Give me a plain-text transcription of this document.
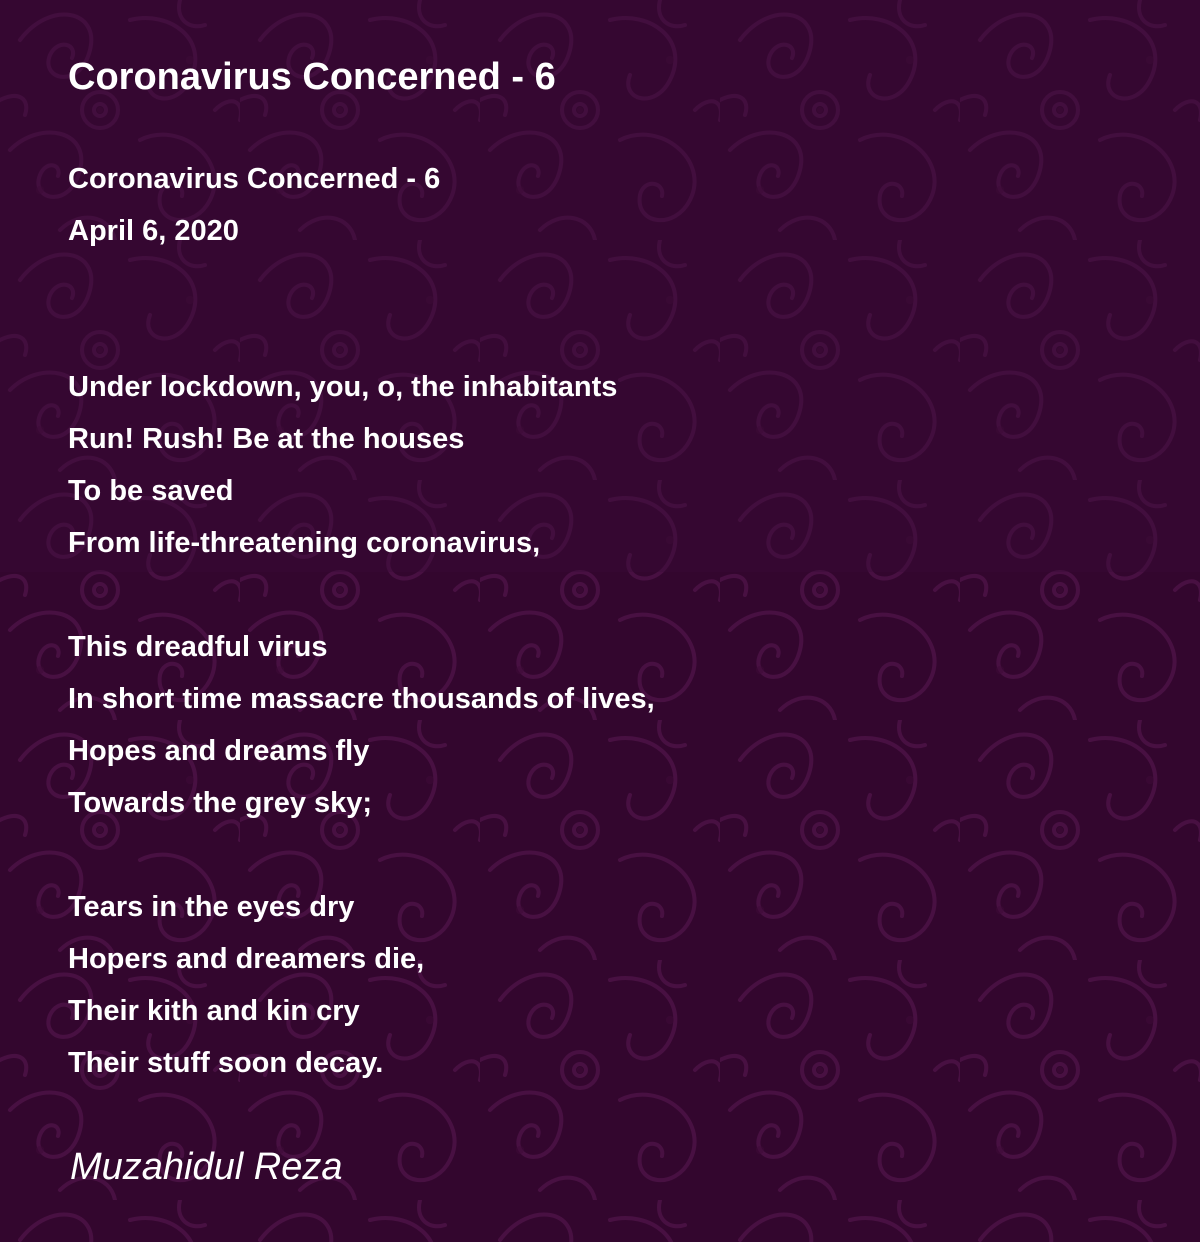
Coronavirus Concerned - 6
Coronavirus Concerned - 6
April 6, 2020
Under lockdown, you, o, the inhabitants
Run! Rush! Be at the houses
To be saved
From life-threatening coronavirus,
This dreadful virus
In short time massacre thousands of lives,
Hopes and dreams fly
Towards the grey sky;
Tears in the eyes dry
Hopers and dreamers die,
Their kith and kin cry
Their stuff soon decay.

Muzahidul Reza
